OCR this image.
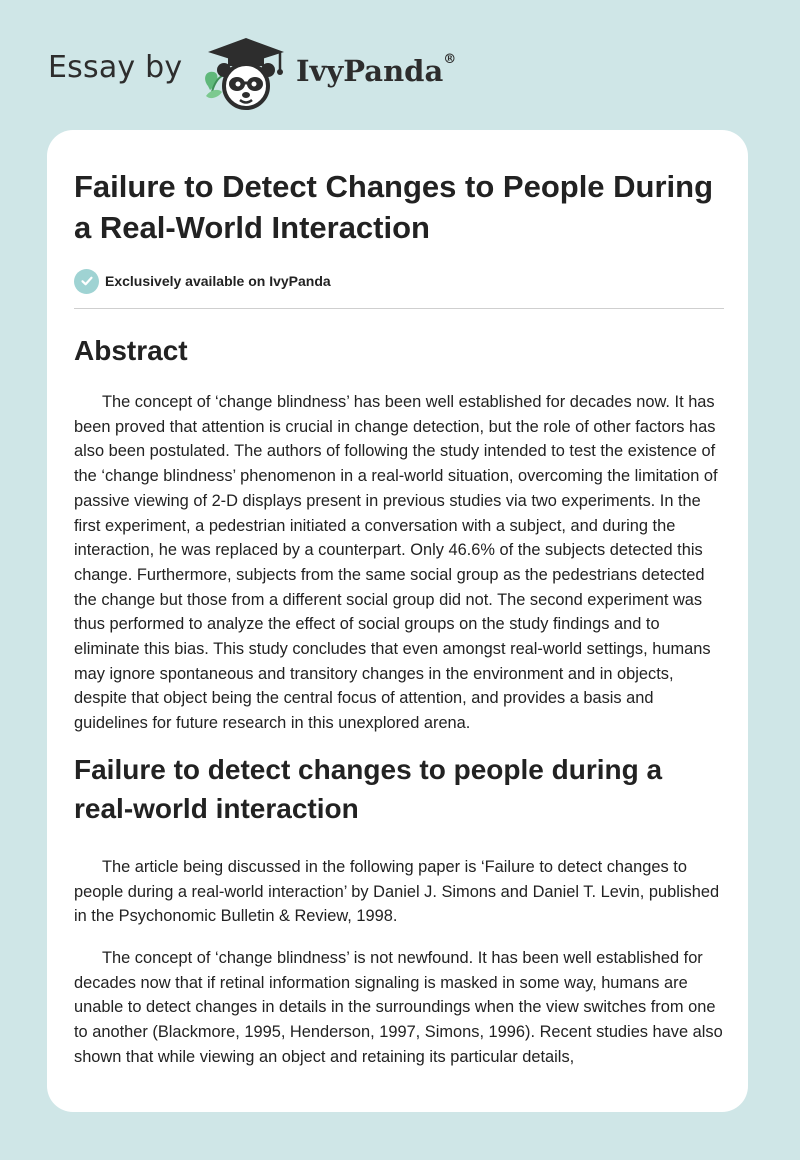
Essay by	IvyPanda®
Failure to Detect Changes to People During a Real-World Interaction
Exclusively available on IvyPanda
Abstract

The concept of ‘change blindness’ has been well established for decades now. It has been proved that attention is crucial in change detection, but the role of other factors has also been postulated. The authors of following the study intended to test the existence of the ‘change blindness’ phenomenon in a real-world situation, overcoming the limitation of passive viewing of 2-D displays present in previous studies via two experiments. In the first experiment, a pedestrian initiated a conversation with a subject, and during the interaction, he was replaced by a counterpart. Only 46.6% of the subjects detected this change. Furthermore, subjects from the same social group as the pedestrians detected the change but those from a different social group did not. The second experiment was thus performed to analyze the effect of social groups on the study findings and to eliminate this bias. This study concludes that even amongst real-world settings, humans may ignore spontaneous and transitory changes in the environment and in objects, despite that object being the central focus of attention, and provides a basis and guidelines for future research in this unexplored arena.

Failure to detect changes to people during a real-world interaction

The article being discussed in the following paper is ‘Failure to detect changes to people during a real-world interaction’ by Daniel J. Simons and Daniel T. Levin, published in the Psychonomic Bulletin & Review, 1998.

The concept of ‘change blindness’ is not newfound. It has been well established for decades now that if retinal information signaling is masked in some way, humans are unable to detect changes in details in the surroundings when the view switches from one to another (Blackmore, 1995, Henderson, 1997, Simons, 1996). Recent studies have also shown that while viewing an object and retaining its particular details,
